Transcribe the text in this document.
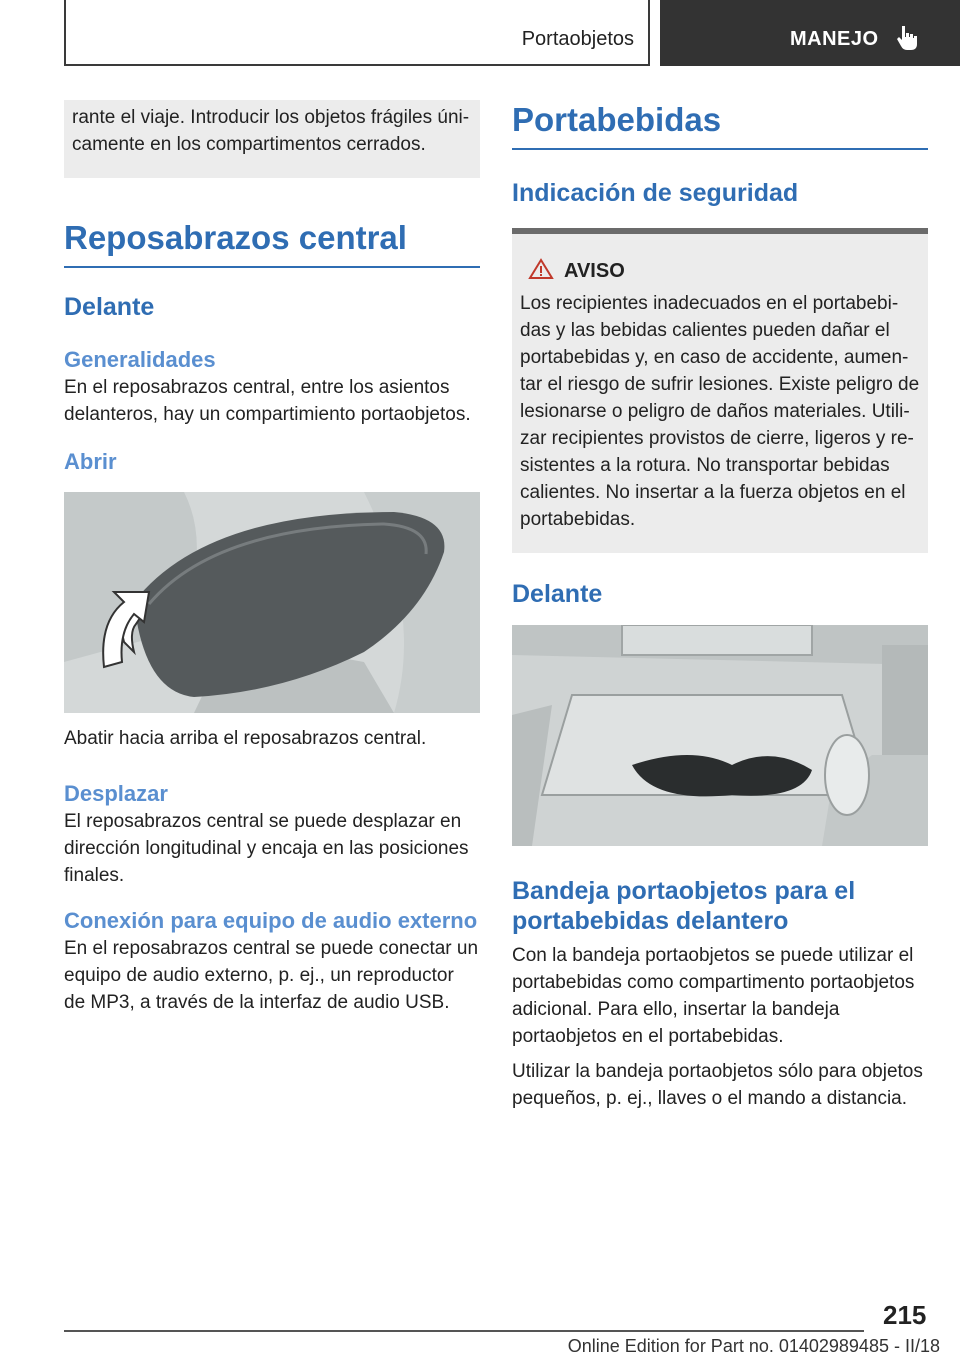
Portaobjetos	MANEJO
rante el viaje. Introducir los objetos frágiles únicamente en los compartimentos cerrados.
Reposabrazos central
Delante
Generalidades
En el reposabrazos central, entre los asientos delanteros, hay un compartimiento portaobjetos.
Abrir
Abatir hacia arriba el reposabrazos central.
Desplazar
El reposabrazos central se puede desplazar en dirección longitudinal y encaja en las posiciones finales.
Conexión para equipo de audio externo
En el reposabrazos central se puede conectar un equipo de audio externo, p. ej., un reproductor de MP3, a través de la interfaz de audio USB.
Portabebidas
Indicación de seguridad
AVISO
Los recipientes inadecuados en el portabebidas y las bebidas calientes pueden dañar el portabebidas y, en caso de accidente, aumentar el riesgo de sufrir lesiones. Existe peligro de lesionarse o peligro de daños materiales. Utilizar recipientes provistos de cierre, ligeros y resistentes a la rotura. No transportar bebidas calientes. No insertar a la fuerza objetos en el portabebidas.
Delante
Bandeja portaobjetos para el portabebidas delantero
Con la bandeja portaobjetos se puede utilizar el portabebidas como compartimento portaobjetos adicional. Para ello, insertar la bandeja portaobjetos en el portabebidas.
Utilizar la bandeja portaobjetos sólo para objetos pequeños, p. ej., llaves o el mando a distancia.
215
Online Edition for Part no. 01402989485 - II/18
